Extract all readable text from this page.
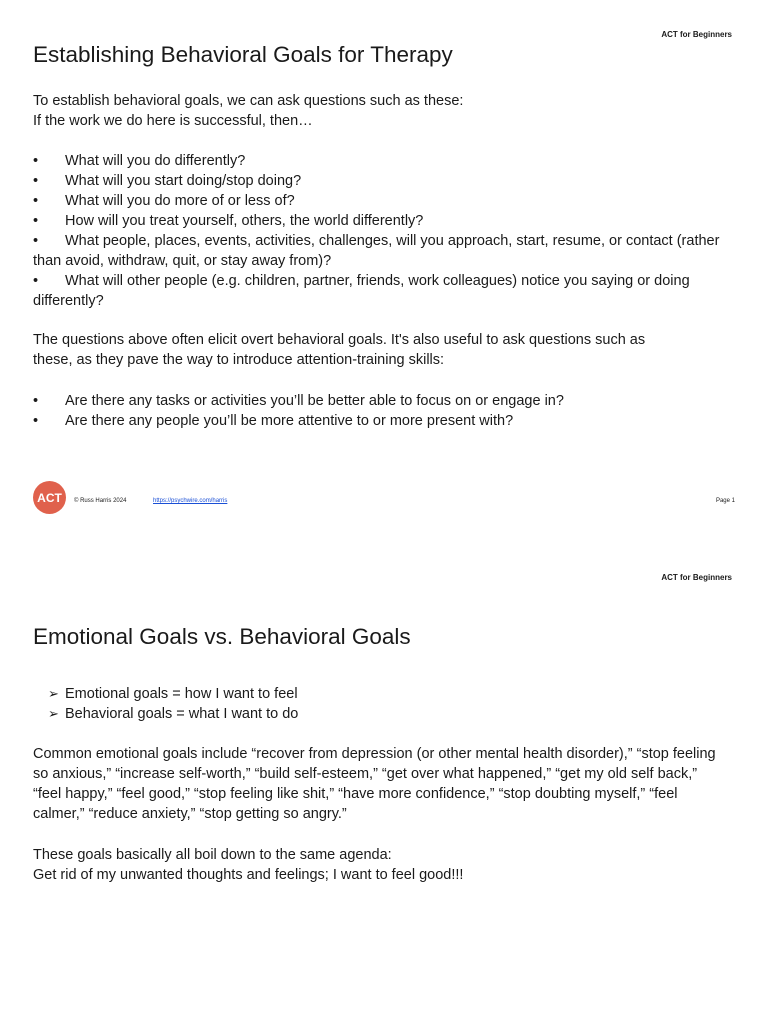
ACT for Beginners
Establishing Behavioral Goals for Therapy

To establish behavioral goals, we can ask questions such as these:

If the work we do here is successful, then…

• What will you do differently?
• What will you start doing/stop doing?
• What will you do more of or less of?
• How will you treat yourself, others, the world differently?
• What people, places, events, activities, challenges, will you approach, start, resume, or contact (rather than avoid, withdraw, quit, or stay away from)?
• What will other people (e.g. children, partner, friends, work colleagues) notice you saying or doing differently?

The questions above often elicit overt behavioral goals. It's also useful to ask questions such as these, as they pave the way to introduce attention-training skills:

• Are there any tasks or activities you’ll be better able to focus on or engage in?
• Are there any people you’ll be more attentive to or more present with?
ACT	© Russ Harris 2024	https://psychwire.com/harris	Page 1
ACT for Beginners
Emotional Goals vs. Behavioral Goals
➢ Emotional goals = how I want to feel
➢ Behavioral goals = what I want to do

Common emotional goals include “recover from depression (or other mental health disorder),” “stop feeling so anxious,” “increase self-worth,” “build self-esteem,” “get over what happened,” “get my old self back,” “feel happy,” “feel good,” “stop feeling like shit,” “have more confidence,” “stop doubting myself,” “feel calmer,” “reduce anxiety,” “stop getting so angry.”

These goals basically all boil down to the same agenda:

Get rid of my unwanted thoughts and feelings; I want to feel good!!!
